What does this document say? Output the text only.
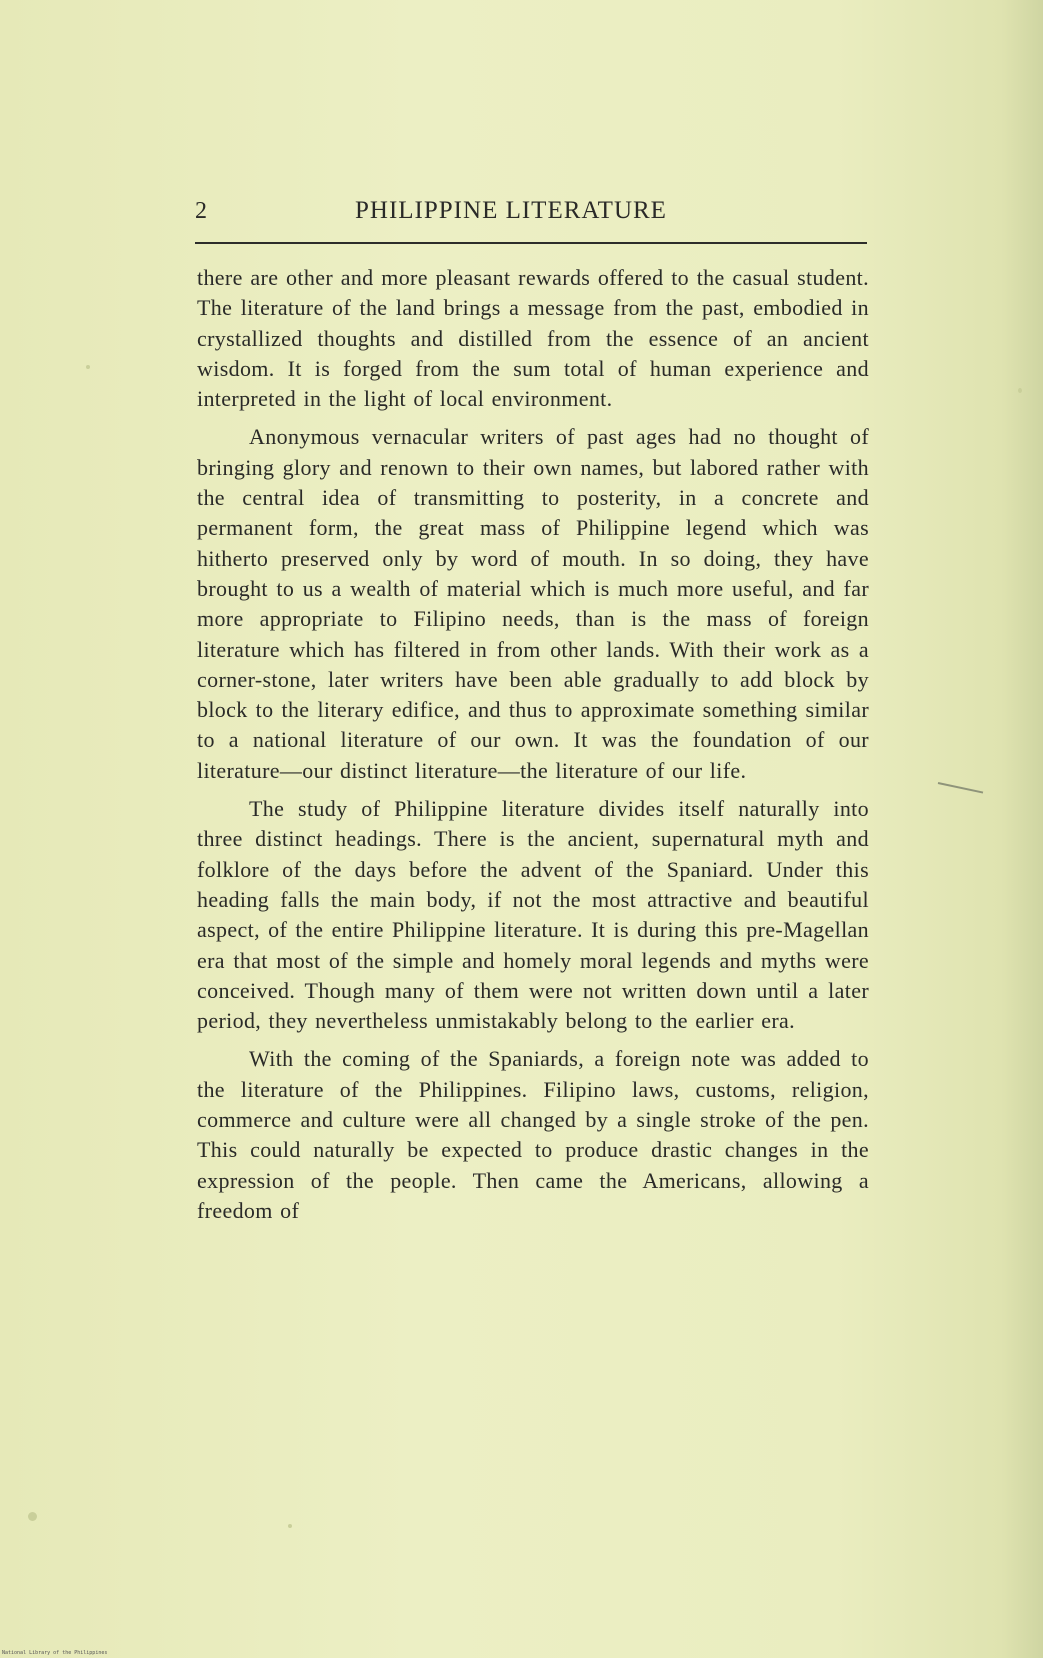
2	PHILIPPINE LITERATURE

there are other and more pleasant rewards offered to the casual student. The literature of the land brings a message from the past, embodied in crystallized thoughts and distilled from the essence of an ancient wisdom. It is forged from the sum total of human experience and interpreted in the light of local environment.

Anonymous vernacular writers of past ages had no thought of bringing glory and renown to their own names, but labored rather with the central idea of transmitting to posterity, in a concrete and permanent form, the great mass of Philippine legend which was hitherto preserved only by word of mouth. In so doing, they have brought to us a wealth of material which is much more useful, and far more appropriate to Filipino needs, than is the mass of foreign literature which has filtered in from other lands. With their work as a corner-stone, later writers have been able gradually to add block by block to the literary edifice, and thus to approximate something similar to a national literature of our own. It was the foundation of our literature—our distinct literature—the literature of our life.

The study of Philippine literature divides itself naturally into three distinct headings. There is the ancient, supernatural myth and folklore of the days before the advent of the Spaniard. Under this heading falls the main body, if not the most attractive and beautiful aspect, of the entire Philippine literature. It is during this pre-Magellan era that most of the simple and homely moral legends and myths were conceived. Though many of them were not written down until a later period, they nevertheless unmistakably belong to the earlier era.

With the coming of the Spaniards, a foreign note was added to the literature of the Philippines. Filipino laws, customs, religion, commerce and culture were all changed by a single stroke of the pen. This could naturally be expected to produce drastic changes in the expression of the people. Then came the Americans, allowing a freedom of

National Library of the Philippines
